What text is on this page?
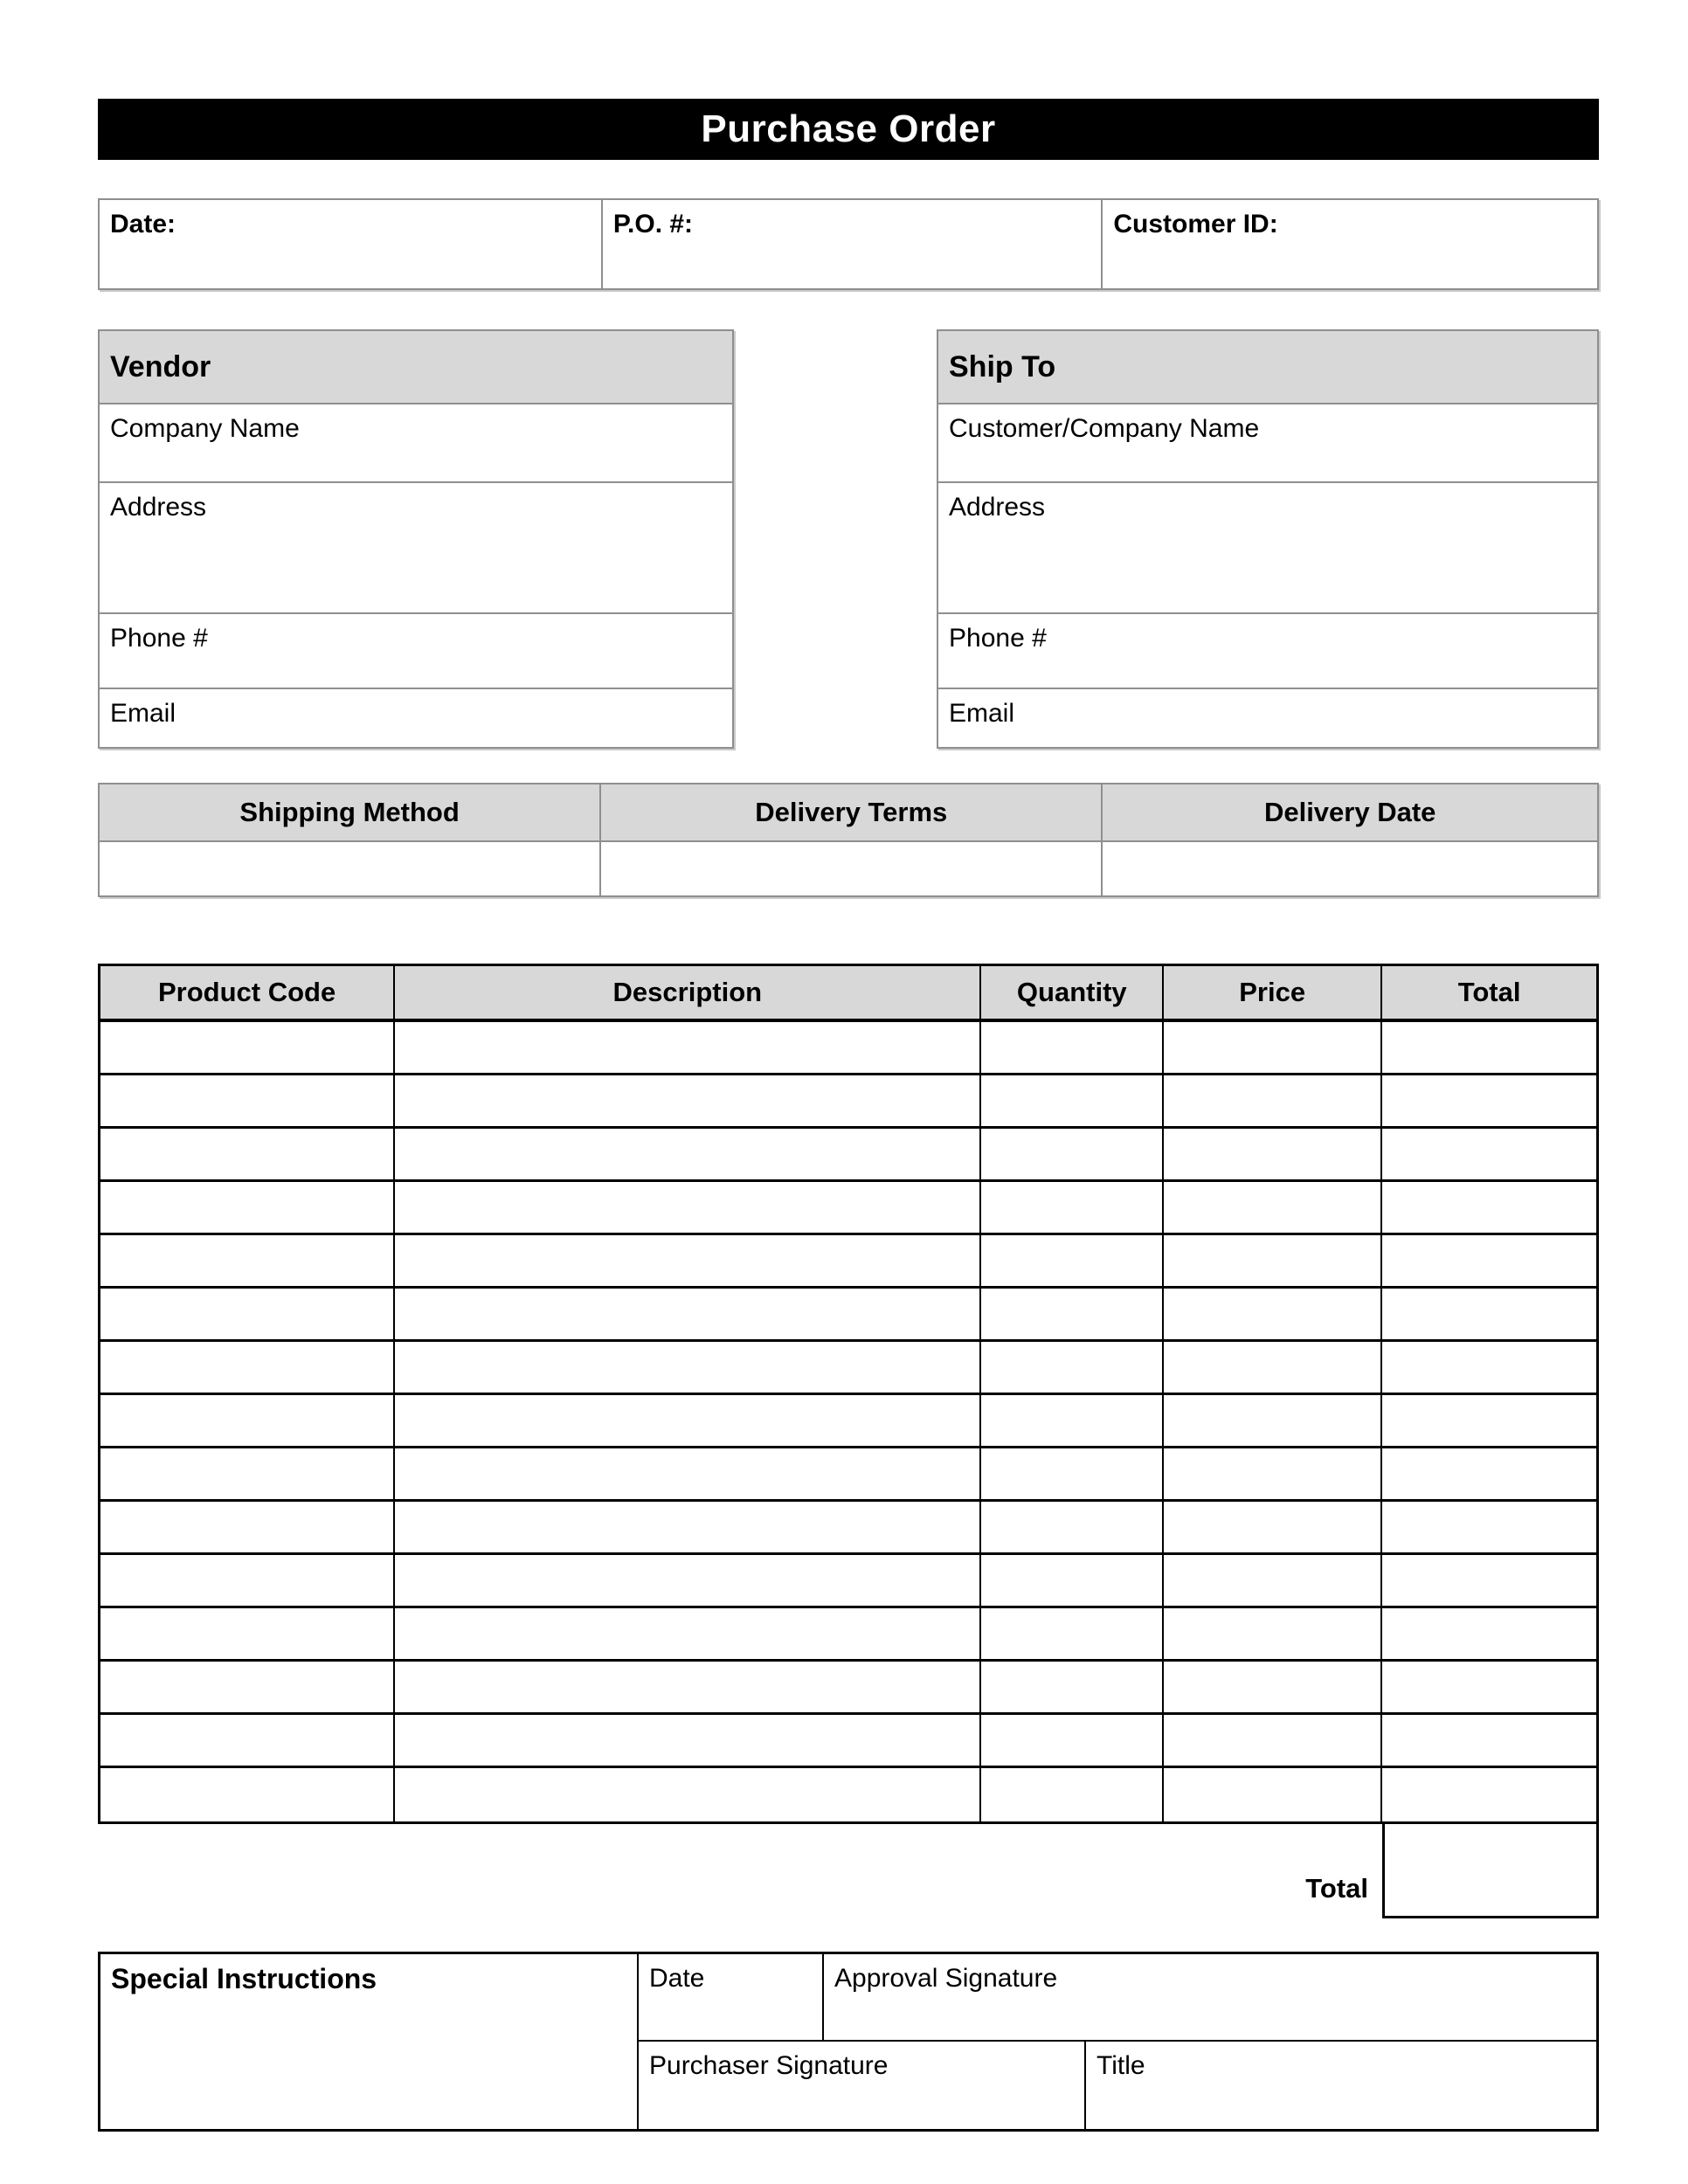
Purchase Order
Date:	P.O. #:	Customer ID:
Vendor
Company Name
Address
Phone #
Email
Ship To
Customer/Company Name
Address
Phone #
Email
Shipping Method	Delivery Terms	Delivery Date
Product Code	Description	Quantity	Price	Total
Total
Special Instructions	Date	Approval Signature
Purchaser Signature	Title
